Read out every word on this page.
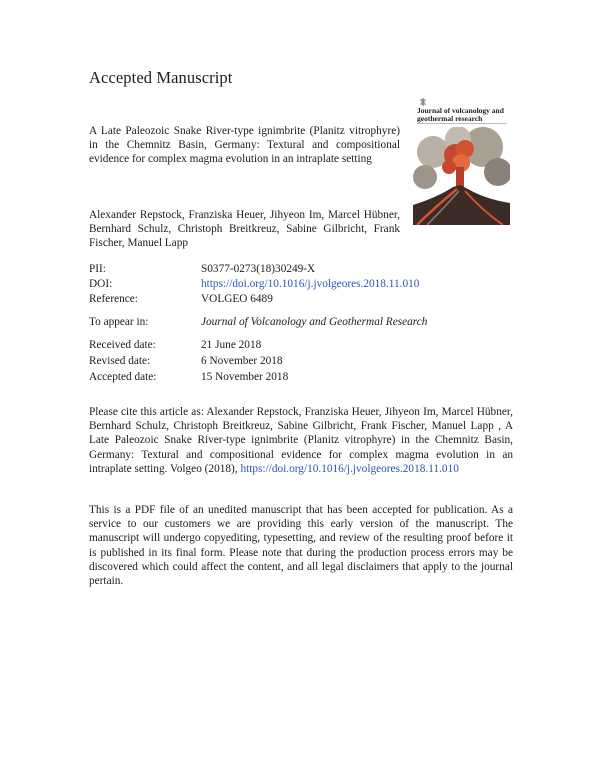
Accepted Manuscript
A Late Paleozoic Snake River-type ignimbrite (Planitz vitrophyre) in the Chemnitz Basin, Germany: Textural and compositional evidence for complex magma evolution in an intraplate setting
Journal of volcanology and geothermal research
Alexander Repstock, Franziska Heuer, Jihyeon Im, Marcel Hübner, Bernhard Schulz, Christoph Breitkreuz, Sabine Gilbricht, Frank Fischer, Manuel Lapp
PII:	S0377-0273(18)30249-X
DOI:	https://doi.org/10.1016/j.jvolgeores.2018.11.010
Reference:	VOLGEO 6489
To appear in:	Journal of Volcanology and Geothermal Research
Received date:	21 June 2018
Revised date:	6 November 2018
Accepted date:	15 November 2018
Please cite this article as: Alexander Repstock, Franziska Heuer, Jihyeon Im, Marcel Hübner, Bernhard Schulz, Christoph Breitkreuz, Sabine Gilbricht, Frank Fischer, Manuel Lapp , A Late Paleozoic Snake River-type ignimbrite (Planitz vitrophyre) in the Chemnitz Basin, Germany: Textural and compositional evidence for complex magma evolution in an intraplate setting. Volgeo (2018), https://doi.org/10.1016/j.jvolgeores.2018.11.010
This is a PDF file of an unedited manuscript that has been accepted for publication. As a service to our customers we are providing this early version of the manuscript. The manuscript will undergo copyediting, typesetting, and review of the resulting proof before it is published in its final form. Please note that during the production process errors may be discovered which could affect the content, and all legal disclaimers that apply to the journal pertain.
